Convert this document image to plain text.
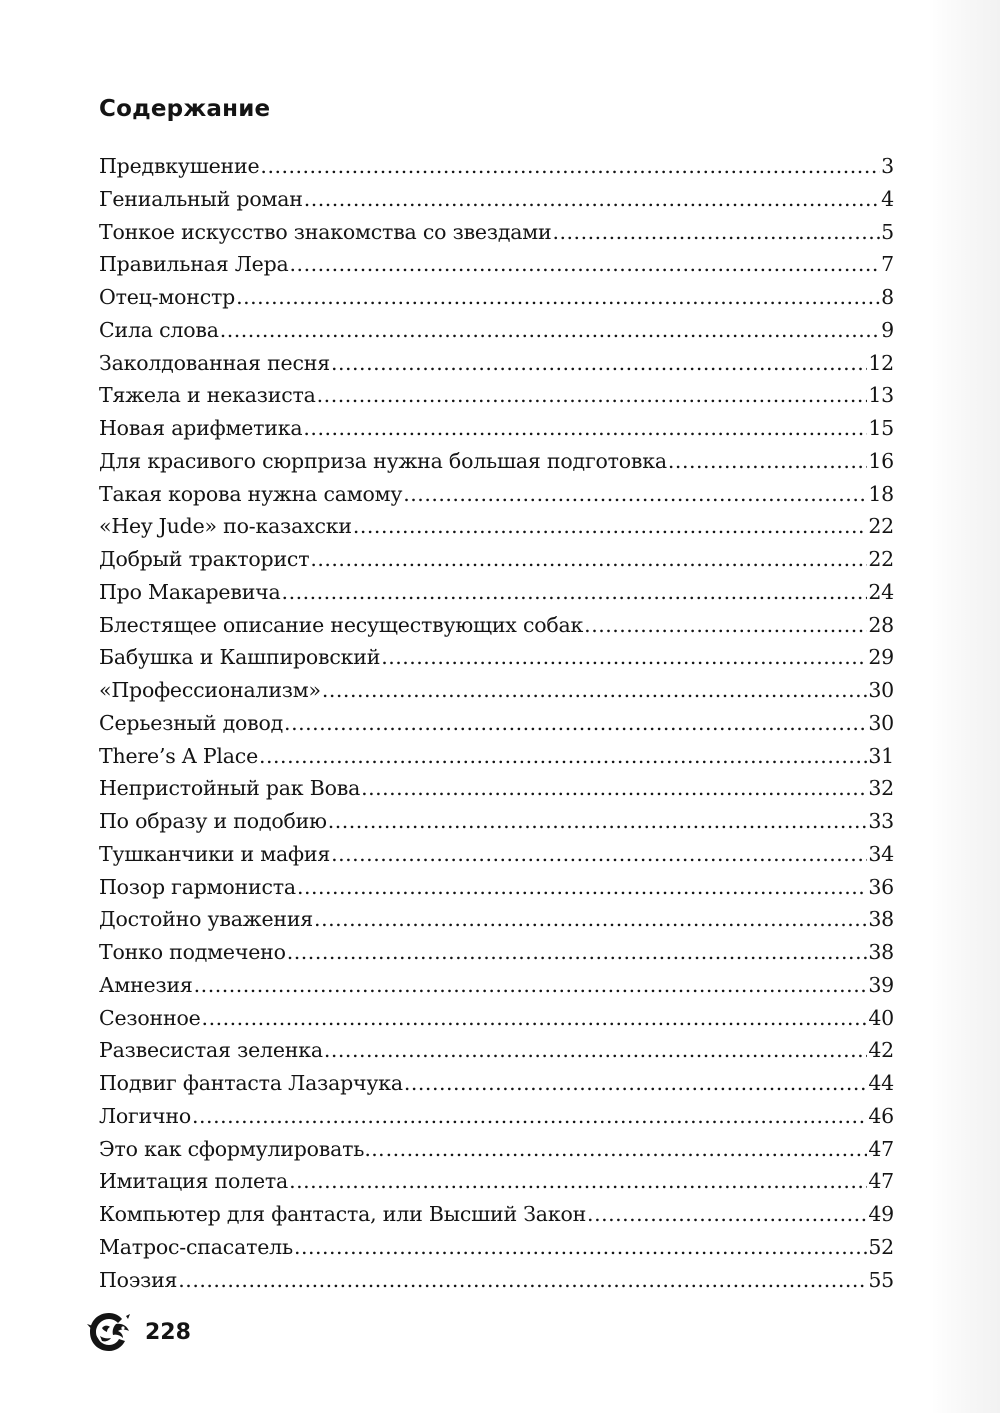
Содержание
Предвкушение .....	3
Гениальный роман .....	4
Тонкое искусство знакомства со звездами .....	5
Правильная Лера .....	7
Отец-монстр .....	8
Сила слова .....	9
Заколдованная песня .....	12
Тяжела и неказиста .....	13
Новая арифметика .....	15
Для красивого сюрприза нужна большая подготовка .....	16
Такая корова нужна самому .....	18
«Hey Jude» по-казахски .....	22
Добрый тракторист .....	22
Про Макаревича .....	24
Блестящее описание несуществующих собак .....	28
Бабушка и Кашпировский .....	29
«Профессионализм» .....	30
Серьезный довод .....	30
There’s A Place .....	31
Непристойный рак Вова .....	32
По образу и подобию .....	33
Тушканчики и мафия .....	34
Позор гармониста .....	36
Достойно уважения .....	38
Тонко подмечено .....	38
Амнезия .....	39
Сезонное .....	40
Развесистая зеленка .....	42
Подвиг фантаста Лазарчука .....	44
Логично .....	46
Это как сформулировать… .....	47
Имитация полета .....	47
Компьютер для фантаста, или Высший Закон .....	49
Матрос-спасатель .....	52
Поэзия .....	55
228
